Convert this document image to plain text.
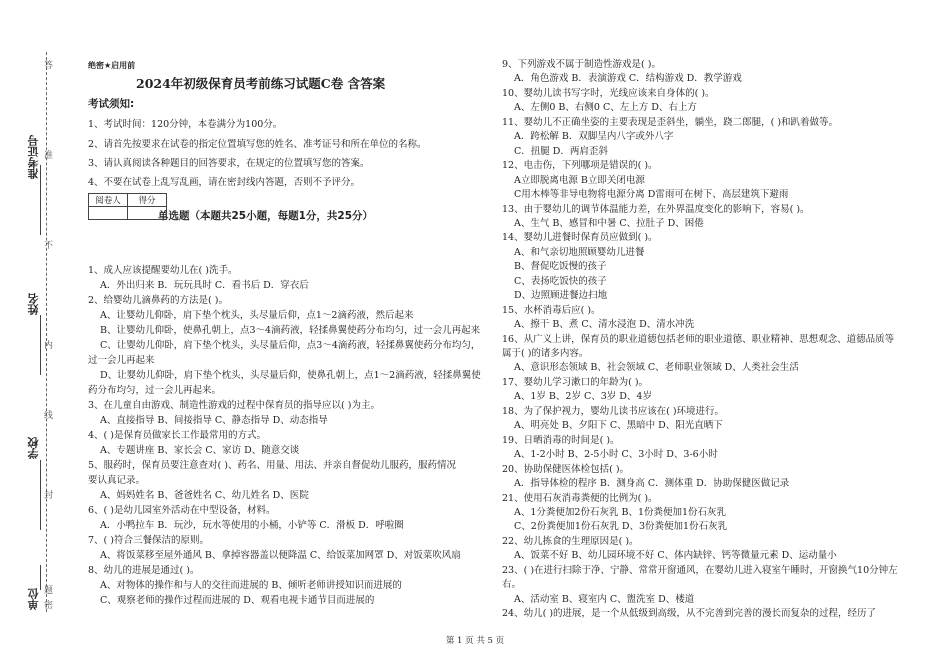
准考证号
姓名
学校
单位 密
封
线
内
不
准
答
题
绝密★启用前
2024年初级保育员考前练习试题C卷 含答案
考试须知:
1、考试时间：120分钟，本卷满分为100分。
2、请首先按要求在试卷的指定位置填写您的姓名、准考证号和所在单位的名称。
3、请认真阅读各种题目的回答要求，在规定的位置填写您的答案。
4、不要在试卷上乱写乱画，请在密封线内答题，否则不予评分。
单选题（本题共25小题，每题1分，共25分）
阅卷人	得分

1、成人应该提醒要幼儿在( )洗手。
A．外出归来 B．玩玩具时 C．看书后 D．穿衣后
2、给婴幼儿滴鼻药的方法是( )。
A、让婴幼儿仰卧，肩下垫个枕头，头尽量后仰，点1～2滴药液，然后起来
B、让婴幼儿仰卧，使鼻孔朝上，点3～4滴药液，轻揉鼻翼使药分布均匀，过一会儿再起来
C、让婴幼儿仰卧，肩下垫个枕头，头尽量后仰，点3～4滴药液，轻揉鼻翼使药分布均匀，
过一会儿再起来
D、让婴幼儿仰卧，肩下垫个枕头，头尽量后仰，使鼻孔朝上，点1～2滴药液，轻揉鼻翼使
药分布均匀，过一会儿再起来。
3、在儿童自由游戏、制造性游戏的过程中保育员的指导应以( )为主。
A、直接指导 B、间接指导 C、静态指导 D、动态指导
4、( )是保育员做家长工作最常用的方式。
A、专题讲座 B、家长会 C、家访 D、随意交谈
5、服药时，保育员要注意查对( )、药名、用量、用法、并亲自督促幼儿服药，服药情况
要认真记录。
A、妈妈姓名 B、爸爸姓名 C、幼儿姓名 D、医院
6、( )是幼儿园室外活动在中型设备，材料。
A．小鸭拉车 B．玩沙，玩水等使用的小桶，小铲等 C．滑板 D．呼啦圈
7、( )符合三餐保洁的原则。
A、将饭菜移至屋外通风 B、拿掉容器盖以便降温 C、给饭菜加网罩 D、对饭菜吹风扇
8、幼儿的进展是通过( )。
A、对物体的操作和与人的交往而进展的 B、倾听老师讲授知识而进展的
C、观察老师的操作过程而进展的 D、观看电视卡通节目而进展的
9、下列游戏不属于制造性游戏是( )。
A．角色游戏 B．表演游戏 C．结构游戏 D．教学游戏
10、婴幼儿读书写字时，光线应该来自身体的( )。
A、左侧0 B、右侧0 C、左上方 D、右上方
11、婴幼儿不正确坐姿的主要表现是歪斜坐，躺坐，跷二郎腿，( )和趴着做等。
A．跨松解 B．双脚呈内八字或外八字
C．扭腿 D．两肩歪斜
12、电击伤，下列哪项是错误的( )。
A立即脱离电源 B立即关闭电源
C用木棒等非导电物将电源分离 D雷雨可在树下、高层建筑下避雨
13、由于婴幼儿的调节体温能力差，在外界温度变化的影响下，容易( )。
A、生气 B、感冒和中暑 C、拉肚子 D、困倦
14、婴幼儿进餐时保育员应做到( )。
A、和气亲切地照顾婴幼儿进餐
B、督促吃饭慢的孩子
C、表扬吃饭快的孩子
D、边照顾进餐边扫地
15、水杯消毒后应( )。
A、擦干 B、煮 C、清水浸泡 D、清水冲洗
16、从广义上讲，保育员的职业道德包括老师的职业道德、职业精神、思想观念、道德品质等
属于( )的诸多内容。
A、意识形态领域 B、社会领域 C、老师职业领域 D、人类社会生活
17、婴幼儿学习漱口的年龄为( )。
A、1岁 B、2岁 C、3岁 D、4岁
18、为了保护视力，婴幼儿读书应该在( )环境进行。
A、明亮处 B、夕阳下 C、黑暗中 D、阳光直晒下
19、日晒消毒的时间是( )。
A、1-2小时 B、2-5小时 C、3小时 D、3-6小时
20、协助保健医体检包括( )。
A．指导体检的程序 B．测身高 C．测体重 D．协助保健医做记录
21、使用石灰消毒粪便的比例为( )。
A、1分粪便加2份石灰乳 B、1份粪便加1份石灰乳
C、2份粪便加1份石灰乳 D、3份粪便加1份石灰乳
22、幼儿拣食的生理原因是( )。
A、饭菜不好 B、幼儿园环境不好 C、体内缺锌、钙等微量元素 D、运动量小
23、( )在进行扫除于净、宁静、常常开窗通风，在婴幼儿进入寝室午睡时，开窗换气10分钟左
右。
A、活动室 B、寝室内 C、盥洗室 D、楼道
24、幼儿( )的进展，是一个从低级到高级，从不完善到完善的漫长而复杂的过程，经历了
第 1 页 共 5 页
